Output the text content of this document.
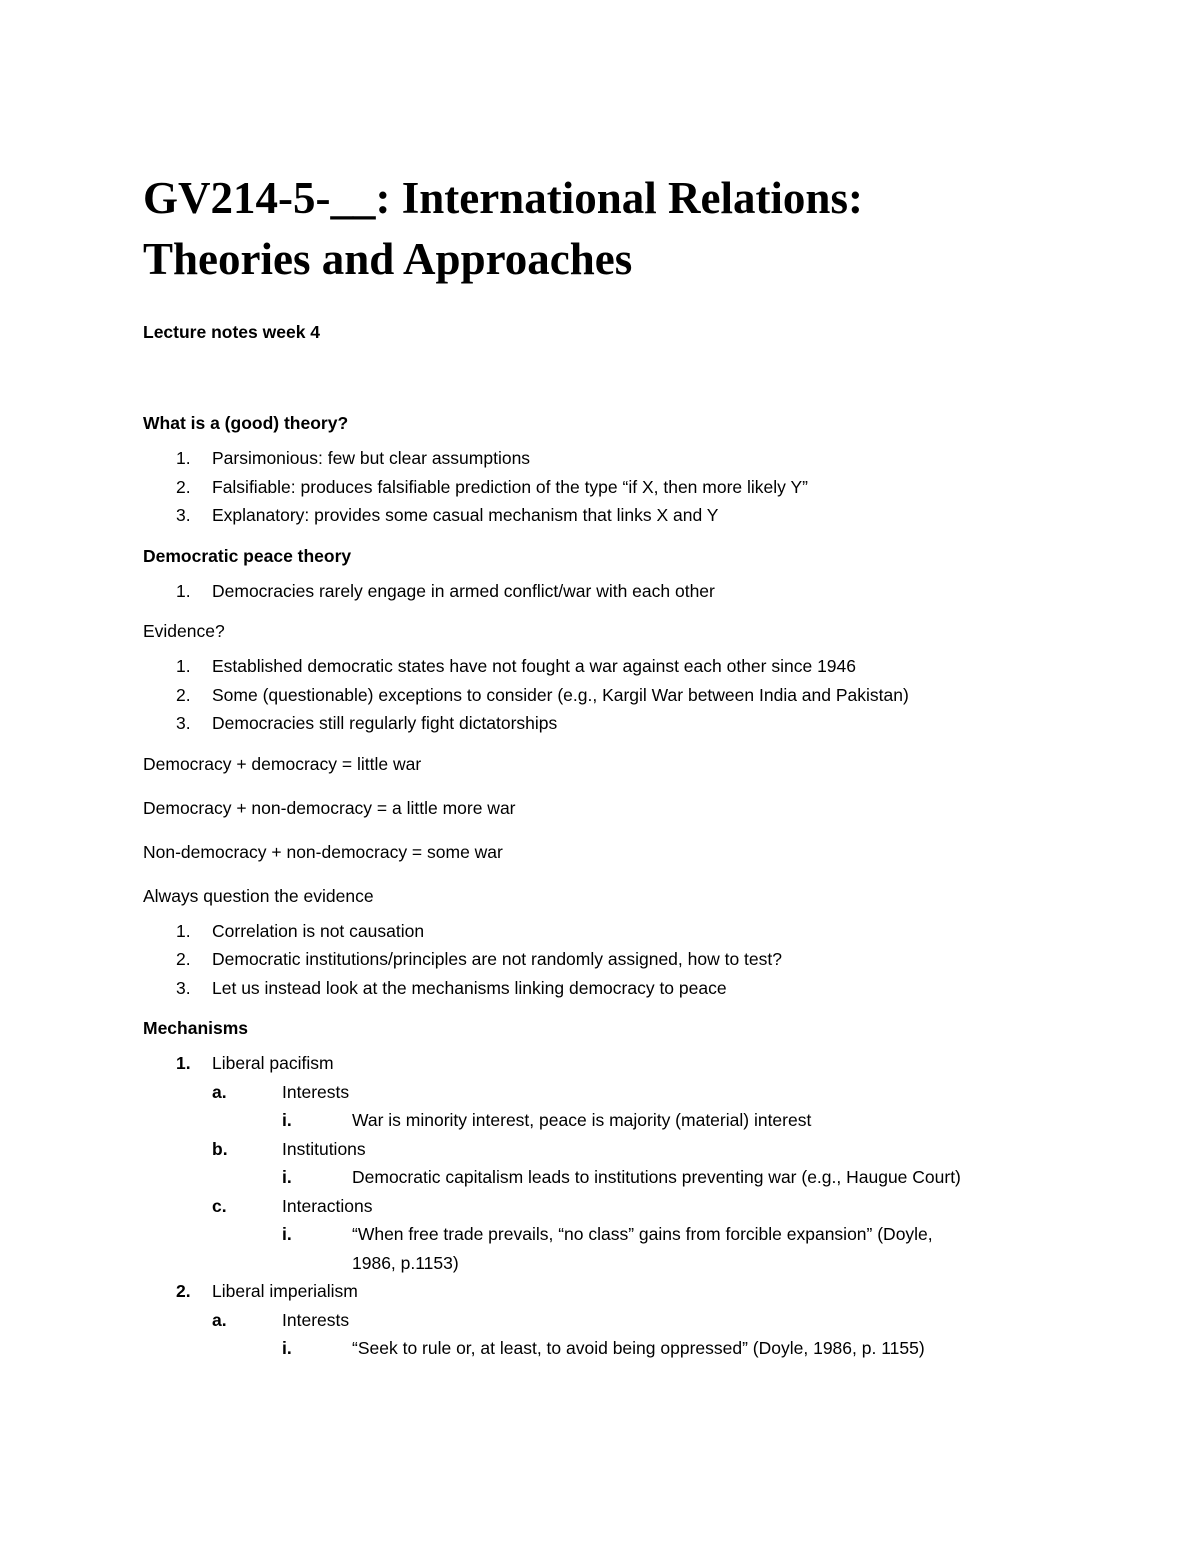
GV214-5-__: International Relations:
Theories and Approaches

Lecture notes week 4

What is a (good) theory?

1.	Parsimonious: few but clear assumptions
2.	Falsifiable: produces falsifiable prediction of the type “if X, then more likely Y”
3.	Explanatory: provides some casual mechanism that links X and Y

Democratic peace theory

1.	Democracies rarely engage in armed conflict/war with each other

Evidence?

1.	Established democratic states have not fought a war against each other since 1946
2.	Some (questionable) exceptions to consider (e.g., Kargil War between India and Pakistan)
3.	Democracies still regularly fight dictatorships

Democracy + democracy = little war

Democracy + non-democracy = a little more war

Non-democracy + non-democracy = some war

Always question the evidence

1.	Correlation is not causation
2.	Democratic institutions/principles are not randomly assigned, how to test?
3.	Let us instead look at the mechanisms linking democracy to peace

Mechanisms

1.	Liberal pacifism
a.	Interests
i.	War is minority interest, peace is majority (material) interest
b.	Institutions
i.	Democratic capitalism leads to institutions preventing war (e.g., Haugue Court)
c.	Interactions
i.	“When free trade prevails, “no class” gains from forcible expansion” (Doyle, 1986, p.1153)
2.	Liberal imperialism
a.	Interests
i.	“Seek to rule or, at least, to avoid being oppressed” (Doyle, 1986, p. 1155)
